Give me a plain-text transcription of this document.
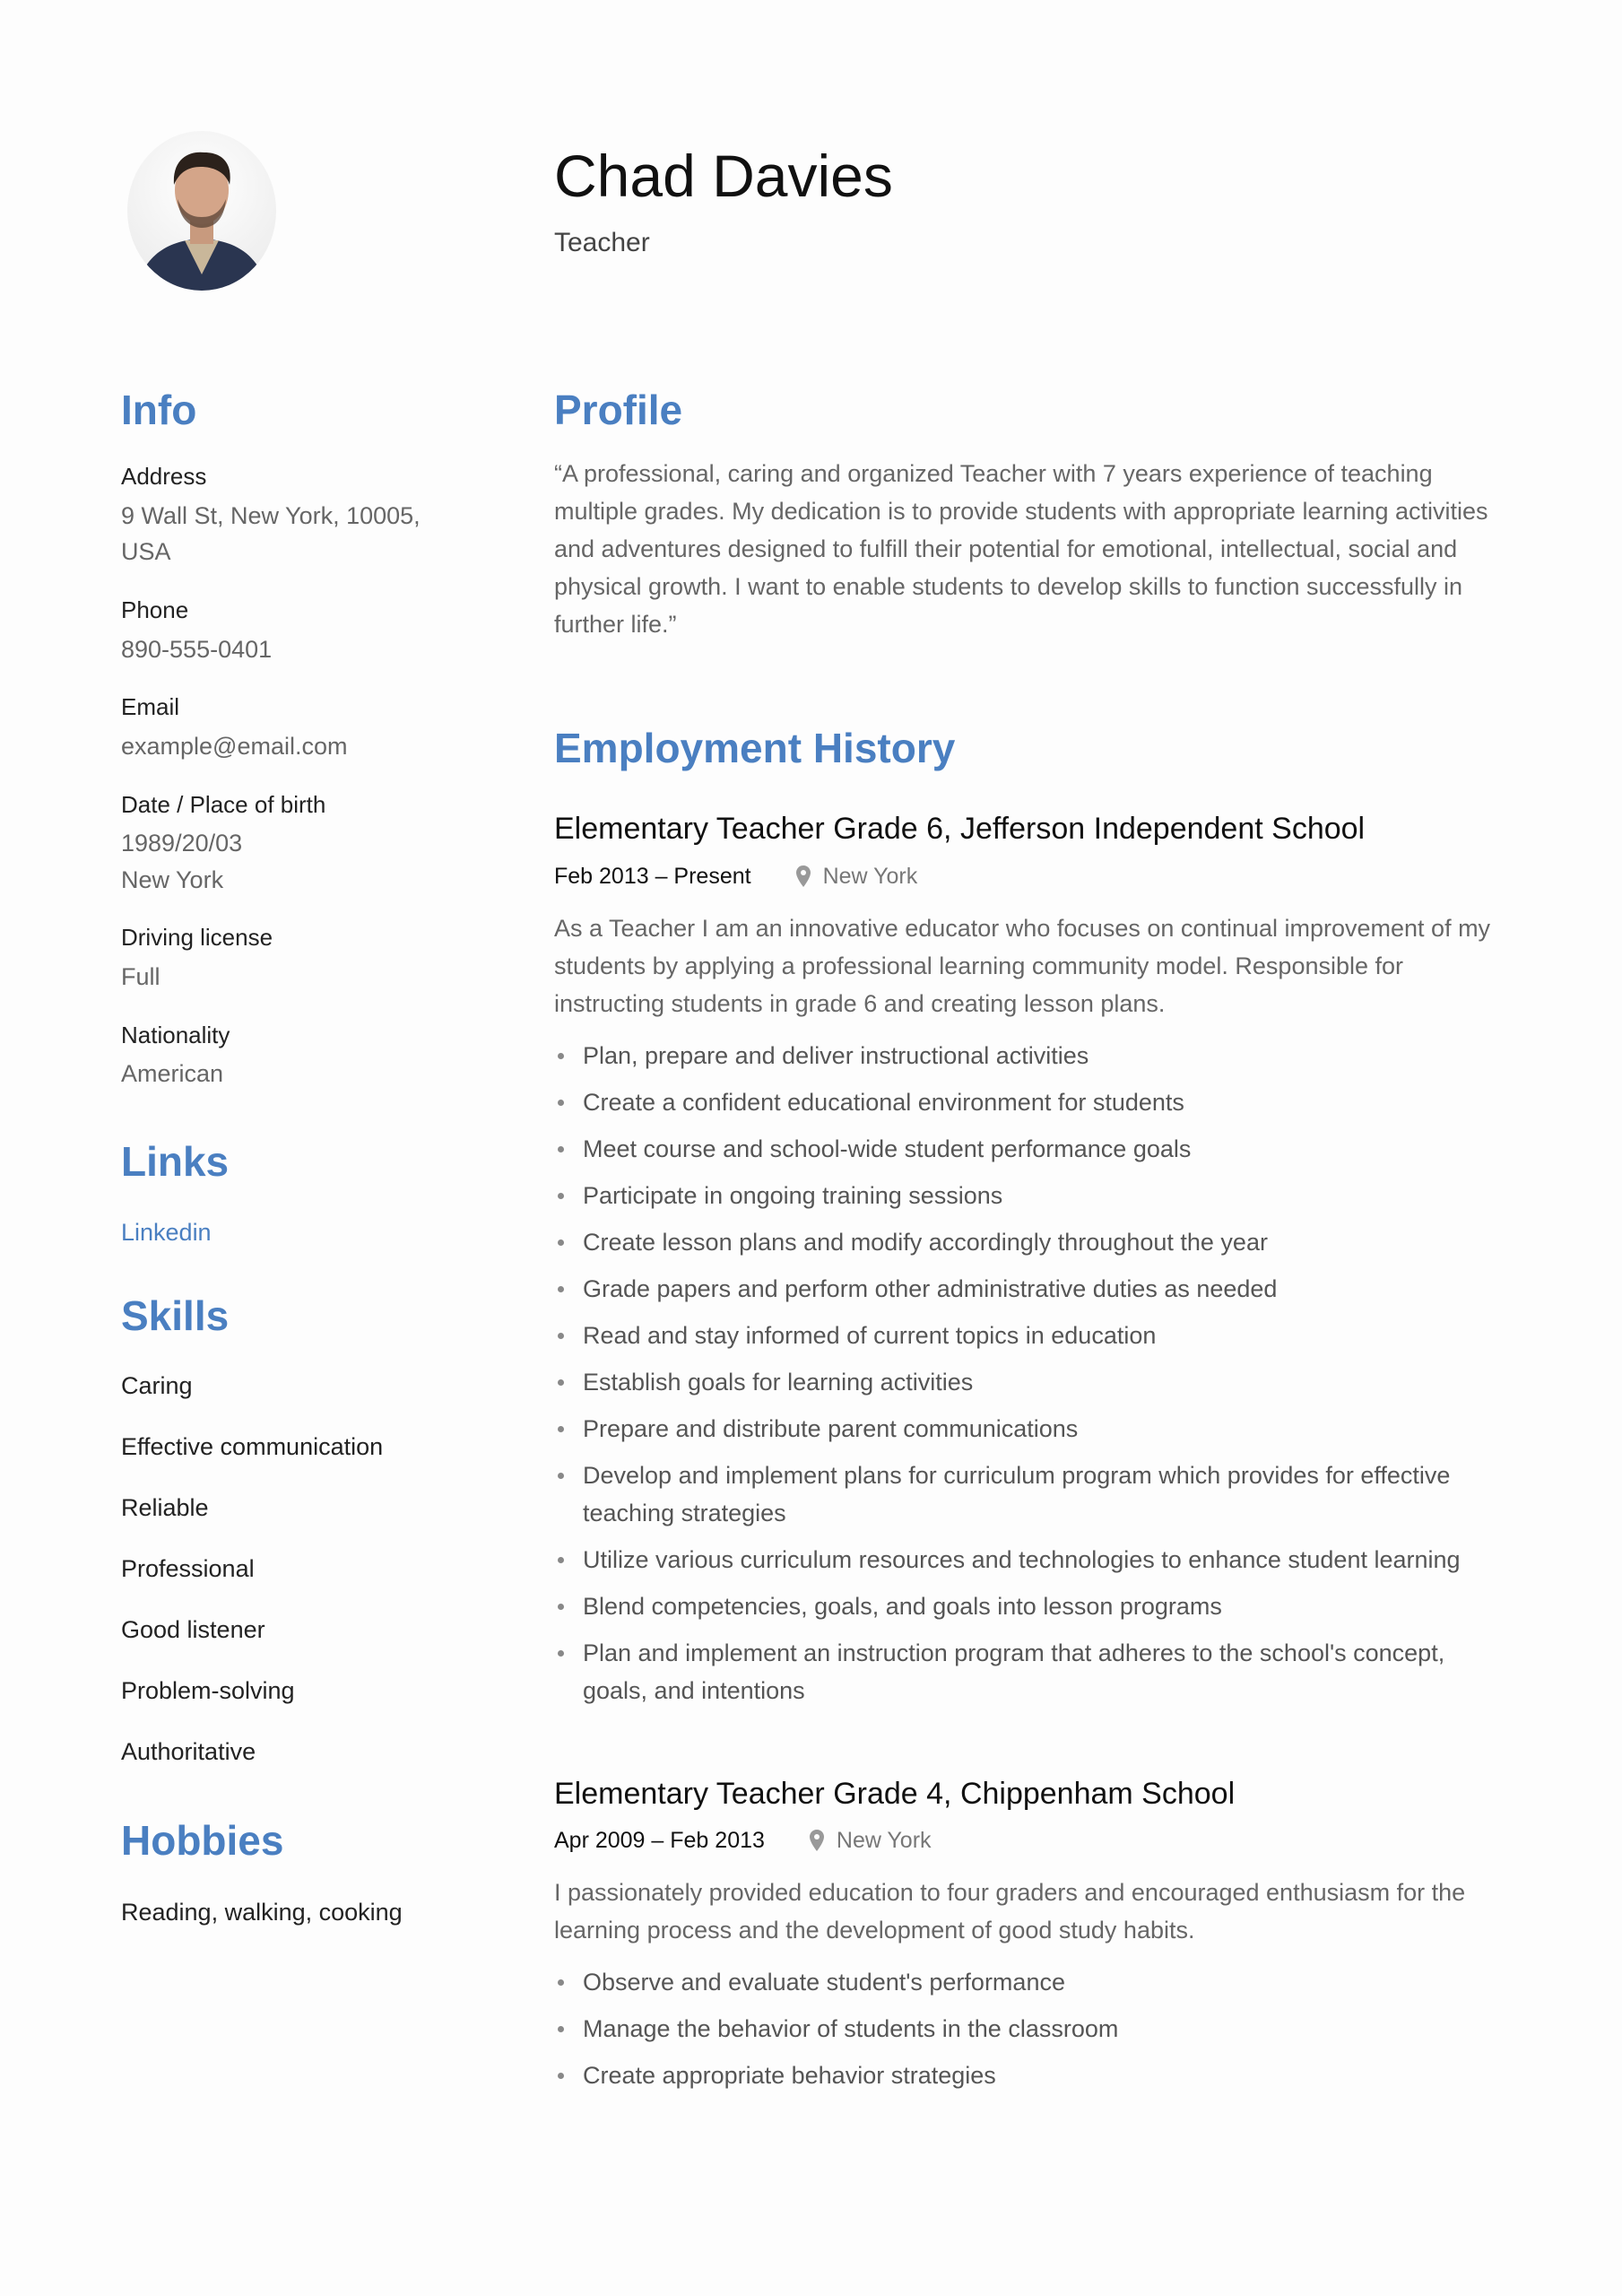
Chad Davies
Teacher
Info
Address
9 Wall St, New York, 10005,
USA
Phone
890-555-0401
Email
example@email.com
Date / Place of birth
1989/20/03
New York
Driving license
Full
Nationality
American
Links
Linkedin
Skills
Caring
Effective communication
Reliable
Professional
Good listener
Problem-solving
Authoritative
Hobbies
Reading, walking, cooking
Profile

“A professional, caring and organized Teacher with 7 years experience of teaching multiple grades. My dedication is to provide students with appropriate learning activities and adventures designed to fulfill their potential for emotional, intellectual, social and physical growth. I want to enable students to develop skills to function successfully in further life.”

Employment History
Elementary Teacher Grade 6, Jefferson Independent School
Feb 2013 – Present	New York

As a Teacher I am an innovative educator who focuses on continual improvement of my students by applying a professional learning community model. Responsible for instructing students in grade 6 and creating lesson plans.

Plan, prepare and deliver instructional activities
Create a confident educational environment for students
Meet course and school-wide student performance goals
Participate in ongoing training sessions
Create lesson plans and modify accordingly throughout the year
Grade papers and perform other administrative duties as needed
Read and stay informed of current topics in education
Establish goals for learning activities
Prepare and distribute parent communications
Develop and implement plans for curriculum program which provides for effective teaching strategies
Utilize various curriculum resources and technologies to enhance student learning
Blend competencies, goals, and goals into lesson programs
Plan and implement an instruction program that adheres to the school's concept, goals, and intentions
Elementary Teacher Grade 4, Chippenham School
Apr 2009 – Feb 2013	New York

I passionately provided education to four graders and encouraged enthusiasm for the learning process and the development of good study habits.

Observe and evaluate student's performance
Manage the behavior of students in the classroom
Create appropriate behavior strategies
